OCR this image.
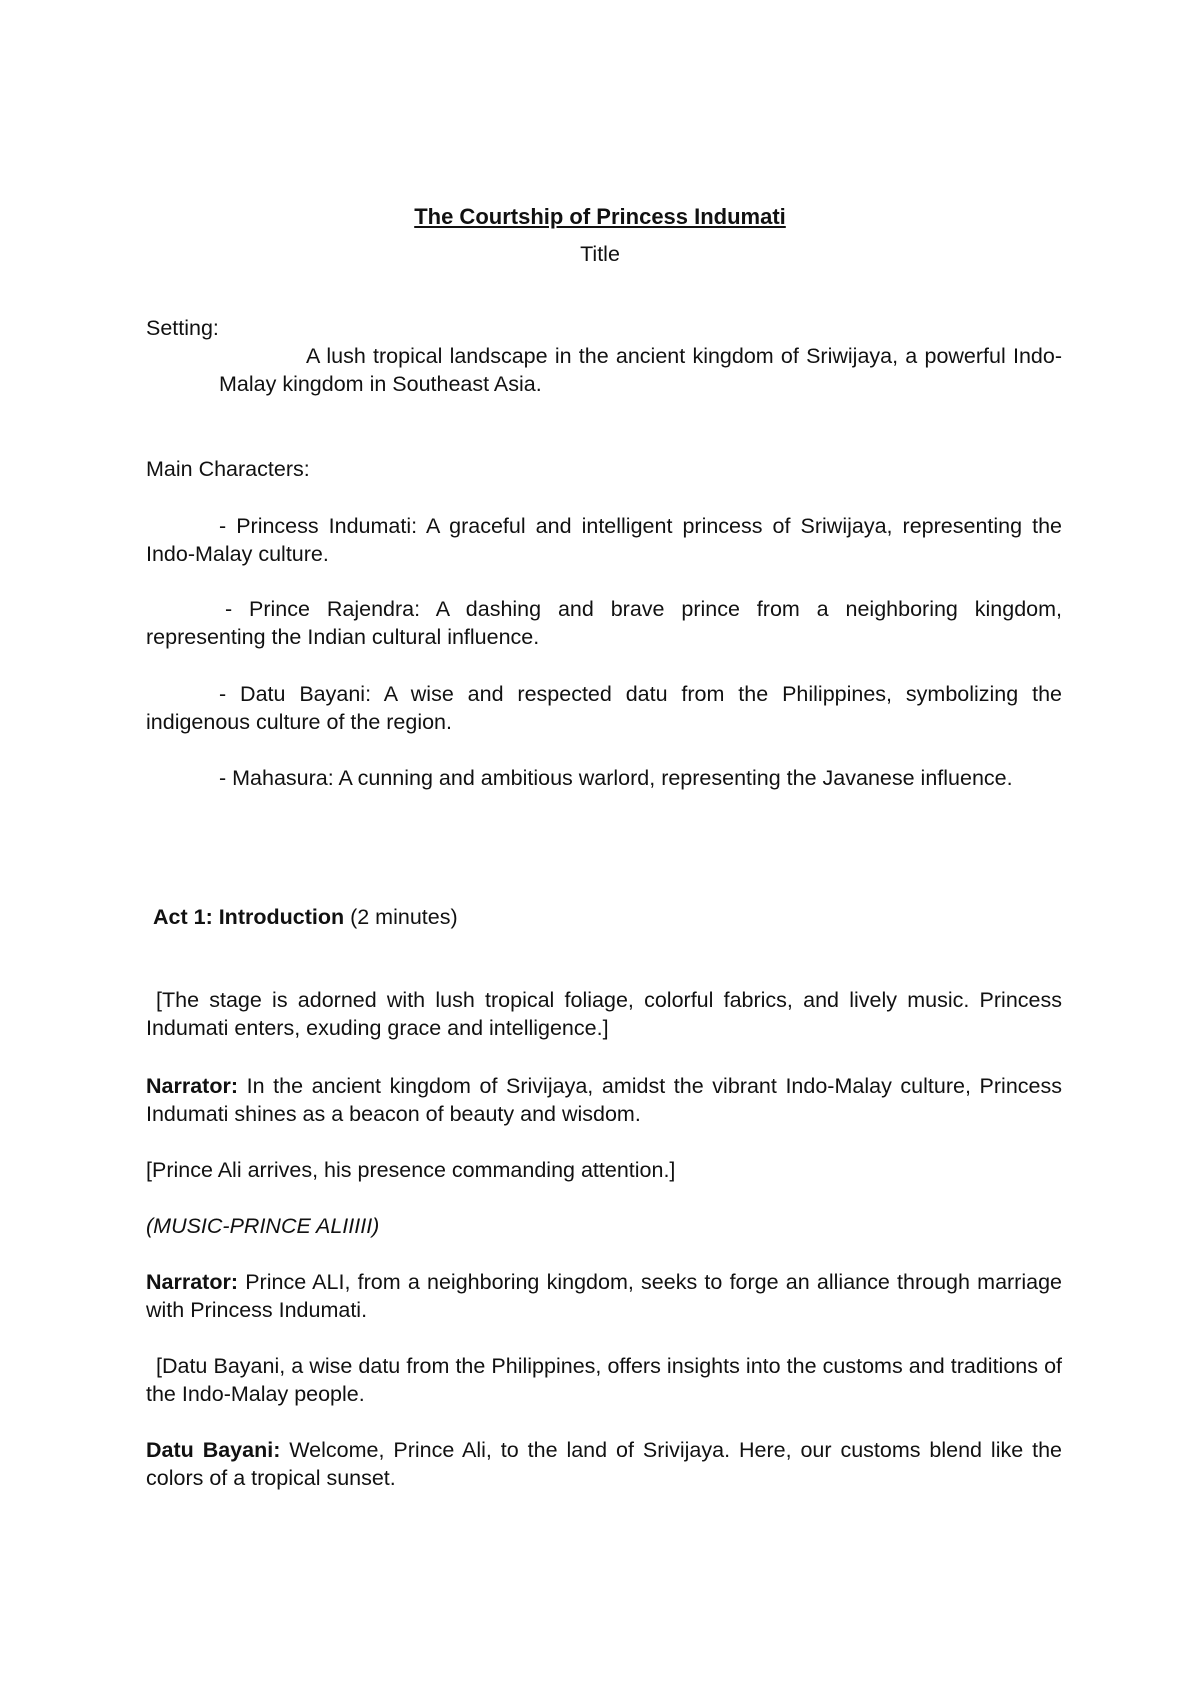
The Courtship of Princess Indumati

Title

Setting:

A lush tropical landscape in the ancient kingdom of Sriwijaya, a powerful Indo-Malay kingdom in Southeast Asia.

Main Characters:

- Princess Indumati: A graceful and intelligent princess of Sriwijaya, representing the Indo-Malay culture.

- Prince Rajendra: A dashing and brave prince from a neighboring kingdom, representing the Indian cultural influence.

- Datu Bayani: A wise and respected datu from the Philippines, symbolizing the indigenous culture of the region.

- Mahasura: A cunning and ambitious warlord, representing the Javanese influence.

Act 1: Introduction (2 minutes)

[The stage is adorned with lush tropical foliage, colorful fabrics, and lively music. Princess Indumati enters, exuding grace and intelligence.]

Narrator: In the ancient kingdom of Srivijaya, amidst the vibrant Indo-Malay culture, Princess Indumati shines as a beacon of beauty and wisdom.

[Prince Ali arrives, his presence commanding attention.]

(MUSIC-PRINCE ALIIIII)

Narrator: Prince ALI, from a neighboring kingdom, seeks to forge an alliance through marriage with Princess Indumati.

[Datu Bayani, a wise datu from the Philippines, offers insights into the customs and traditions of the Indo-Malay people.

Datu Bayani: Welcome, Prince Ali, to the land of Srivijaya. Here, our customs blend like the colors of a tropical sunset.
